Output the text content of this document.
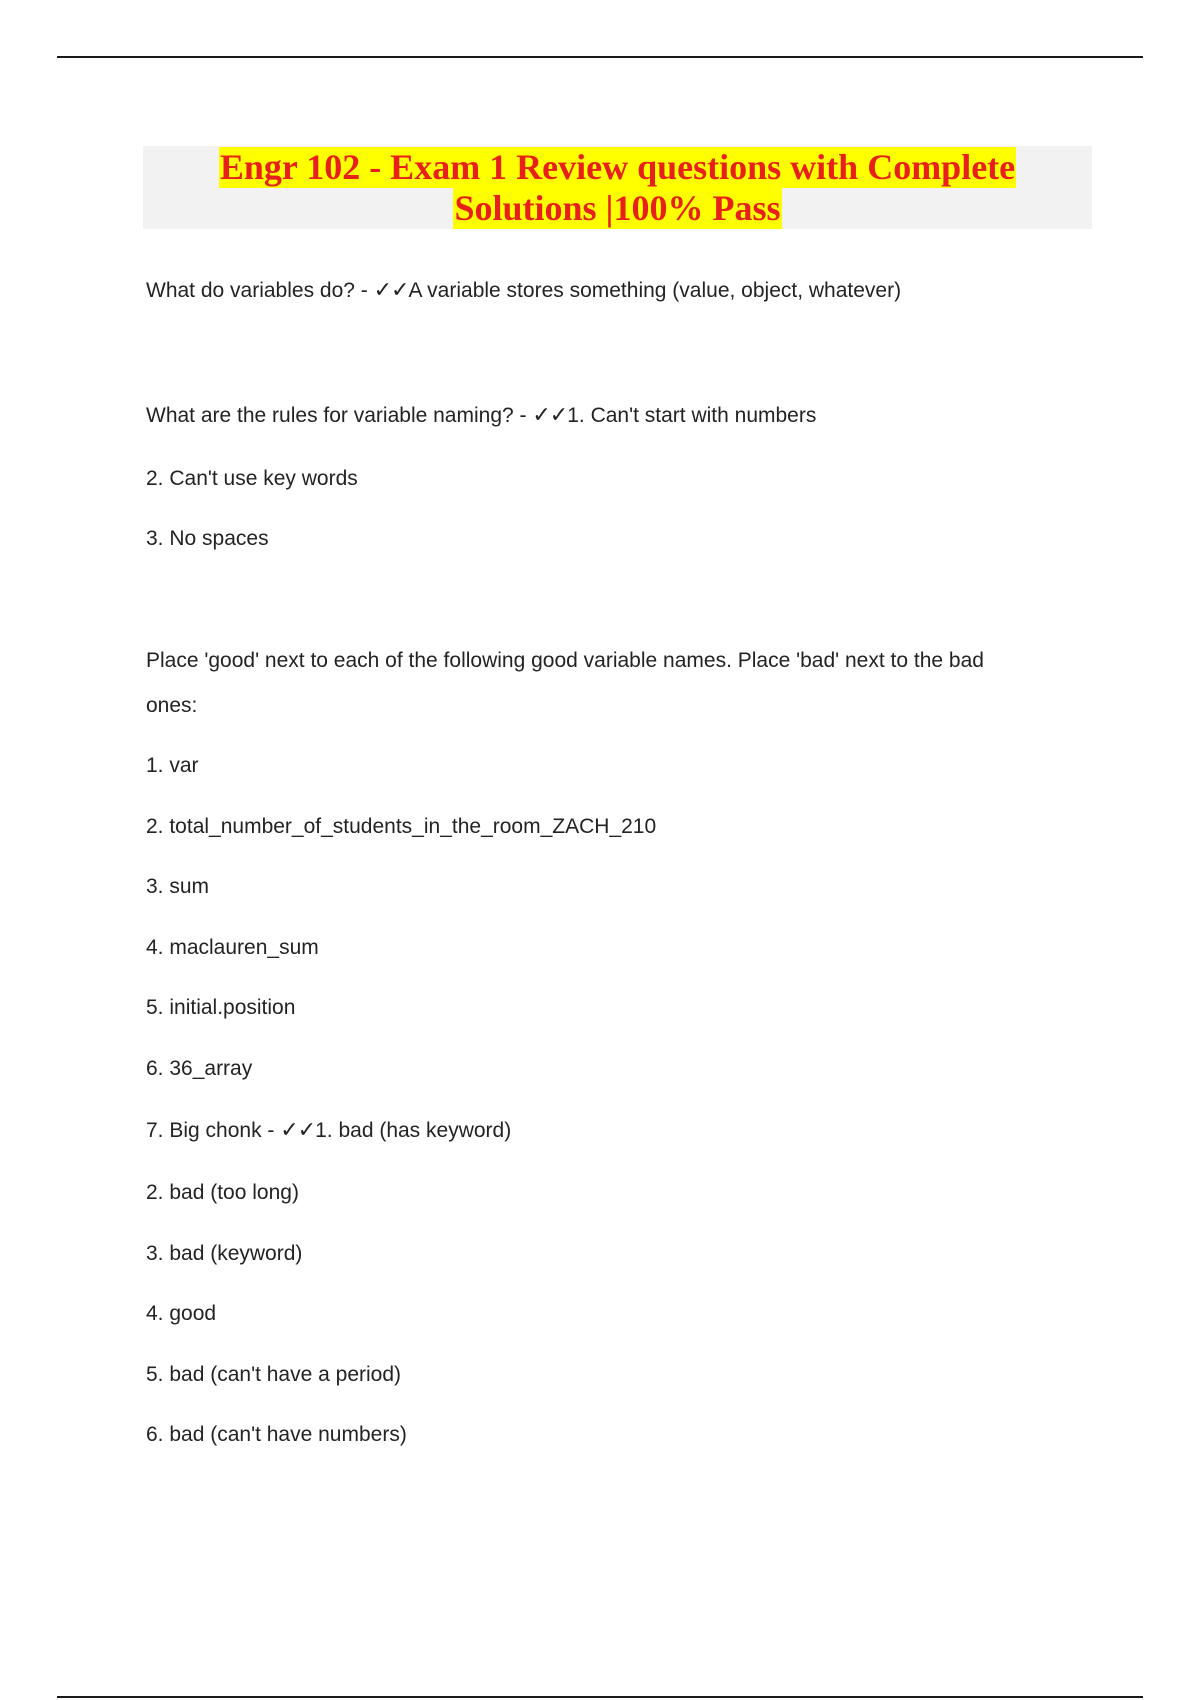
Engr 102 - Exam 1 Review questions with Complete
Solutions |100% Pass
What do variables do? - ✓✓A variable stores something (value, object, whatever)
What are the rules for variable naming? - ✓✓1. Can't start with numbers
2. Can't use key words
3. No spaces
Place 'good' next to each of the following good variable names. Place 'bad' next to the bad
ones:
1. var
2. total_number_of_students_in_the_room_ZACH_210
3. sum
4. maclauren_sum
5. initial.position
6. 36_array
7. Big chonk - ✓✓1. bad (has keyword)
2. bad (too long)
3. bad (keyword)
4. good
5. bad (can't have a period)
6. bad (can't have numbers)
